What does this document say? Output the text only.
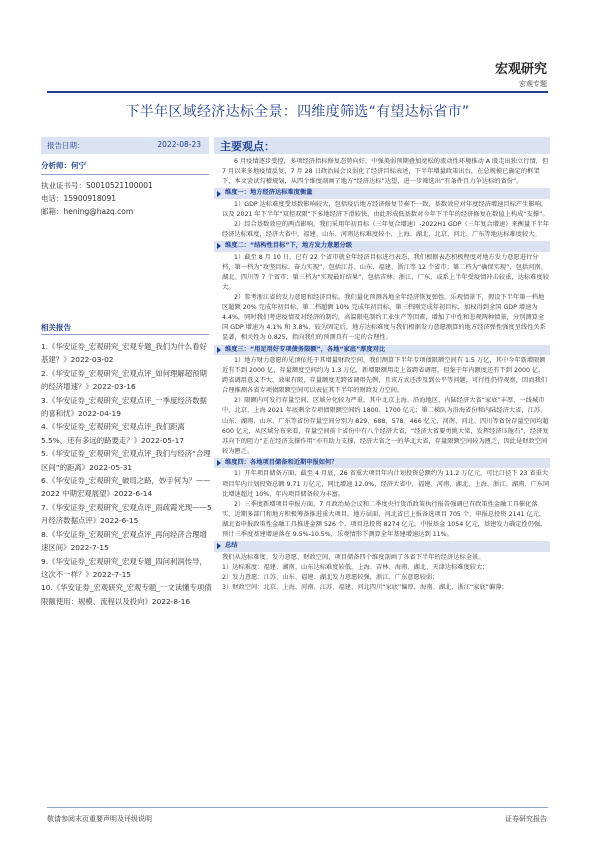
宏观研究
宏观专题
下半年区域经济达标全景：四维度筛选“有望达标省市”
报告日期：	2022-08-23
分析师：何宁
执业证书号：S0010521100001
电话：15900918091
邮箱：hening@hazq.com
相关报告
1.《华安证券_宏观研究_宏观专题_我们为什么看好基建？》2022-03-02
2.《华安证券_宏观研究_宏观点评_如何理解超预期的经济增速？》2022-03-16
3.《华安证券_宏观研究_宏观点评_一季度经济数据的喜和忧》2022-04-19
4.《华安证券_宏观研究_宏观点评_我们距离 5.5%，还有多远的路要走？》2022-05-17
5.《华安证券_宏观研究_宏观点评_我们与经济“合理区间”的距离》2022-05-31
6.《华安证券_宏观研究_破局之路，妙手何为？——2022 中期宏观展望》2022-6-14
7.《华安证券_宏观研究_宏观点评_雨疏霞光现——5 月经济数据点评》2022-6-15
8.《华安证券_宏观研究_宏观点评_再问经济合理增速区间》2022-7-15
9.《华安证券_宏观研究_宏观专题_四问利润传导，这次不一样？》2022-7-15
10.《华安证券_宏观研究_宏观专题_一文读懂专项债限额使用：规模、流程以及投向》2022-8-16
主要观点：

6 月疫情逐步受控，多项经济指标修复态势向好，中强美弱预期叠加宽松的流动性环境推动 A 股走出独立行情，但 7 月以来多地疫情反复，7 月 28 日政治局会议弱化了经济目标表述，下半年增量政策出台，在总规模已确定的框架下，本文尝试勾稽规划，从四个维度剖画了地方“经济达标”达望，进一步筛选出“有条件且力争达标的省份”。

维度一：地方经济达标难度衡量

1）GDP 达标难度受基数影响较大，包括疫后地方经济修复节奏不一致，基数效应对年度经济增速目标产生影响，以及 2021 年下半年“双控双限”下多地经济下滑较快，由此形成低基数对今年下半年的经济修复在数值上构成“支撑”。

2）综合基数效应的两点影响，我们采用年初目标（三年复合增速）-2022H1 GDP（三年复合增速）来衡量下半年经济达标难度，经济大省中，福建、山东、河南达标难度较小，上海、湖北、北京、河北、广东等地达标难度较大。

维度二：“结构性目标”下，地方发力意愿分级

1）截至 8 月 10 日，已有 22 个省市就全年经济目标进行表态，我们根据表态积极程度对地方发力意愿进行分档，第一档为“攻坚目标、奋力实现”，包括江苏、山东、福建、浙江等 12 个省市；第二档为“确保实现”，包括河南、湖北、四川等 7 个省市；第三档为“实现最好结果”，包括吉林、浙江、广东，或系上半年受疫情冲击较重，达标难度较大。

2）参考浙江省的发力意愿和经济目标，我们量化预测各地全年经济恢复弹性。乐观情景下，假设下半年第一档地区超额 20% 完成年初目标，第二档超额 10% 完成年初目标，第三档刚完成年初目标，加权得到全国 GDP 增速为 4.4%，同时我们考虑疫情及对经济的制约，高温限电制约工业生产等因素，增加了中性和悲观两种情景，分别测算全国 GDP 增速为 4.1% 和 3.8%，较为固定后，地方达标难度与我们根据发力意愿测算的地方经济弹性强度呈线性关系显著，相关性为 0.825，指向我们的预测具有一定的合理性。

维度三：“用足用好专项债务限额”，各地“家底”厚度对比

1）地方财力意愿的见顶依托于其增量财政空间，我们测算下半年专项债限额空间有 1.5 万亿，其中今年新增限额近有不到 2000 亿，存量额度空间约为 1.3 万亿，新增限额用走上省跨省调用，但鉴于年内额度还有不到 2000 亿，跨省调用意义不大，效果有限，存量额度无跨省调用先例，且该方式还涉及到公平等问题，可行性仍待观察，因而我们合理推测各省专项债限额空间可以表征其下半年的财政发力空间。

2）限额内可发行存量空间，区域分化较为严重，其中北京上海、沿海地区、内陆经济大省“家底”丰厚，一线城市中，北京、上海 2021 年底剩余专项债限额空间约 1800、1700 亿元；第二梯队为沿海省份和内陆经济大省，江苏、山东、湖南、山东、广东等省份存量空间分别为 829、688、578、466 亿元，河南、河北、四川等省份存量空间均超 600 亿元，从区域分布来看，存量空间前十省份中有八个经济大省，“经济大省要勇挑大梁，发挥经济压舱石”，经济复苏向下的阻力“正在经济支撑作用”亦有助力支撑，经济大省之一的华北大省，存量限额空间较为匮乏，因此是财政空间较为匮乏。

维度四：各地项目储备和近期申报如何？

1）开年项目储备方面，截至 4 月底，26 省重大项目年内计划投资总额约为 11.2 万亿元，可比口径下 23 省重大项目年内计划投资总额 9.71 万亿元，同比增速 12.0%，经济大省中，福建、河南、湖北、上海、浙江、湖南、广东同比增速超过 10%，年内项目储备较为丰富。

2）三季度新增项目申报方面，7 月政治局会议和二季度央行货币政策执行报告强调已有政策性金融工具催化落实，近期多部门和地方积极筹备推进重大项目。地方层面，河北省已上报备选项目 705 个，申报总投资 2141 亿元，湖北省申报政策性金融工具推进金额 526 个，项目总投资 8274 亿元，中报基金 1054 亿元，基建发力确定性仍强，预计三季度基建增速落在 9.5%-10.5%，乐观情形下测算全年基建增速达到 11%。

总结

我们从达标难度、发力意愿、财政空间、项目储备四个维度剖画了各省下半年的经济达标全景。

1）达标难度：福建、湖南、山东达标难度较低，上海、吉林、海南、湖北、天津达标难度较大；

2）发力意愿：江苏、山东、福建、湖北发力意愿较强，浙江、广东意愿较弱；

3）财政空间：北京、上海、河南、江苏、福建、河北四川“家底”偏厚，海南、湖北、浙江“家底”偏薄；

敬请参阅末页重要声明及评级说明	证券研究报告
